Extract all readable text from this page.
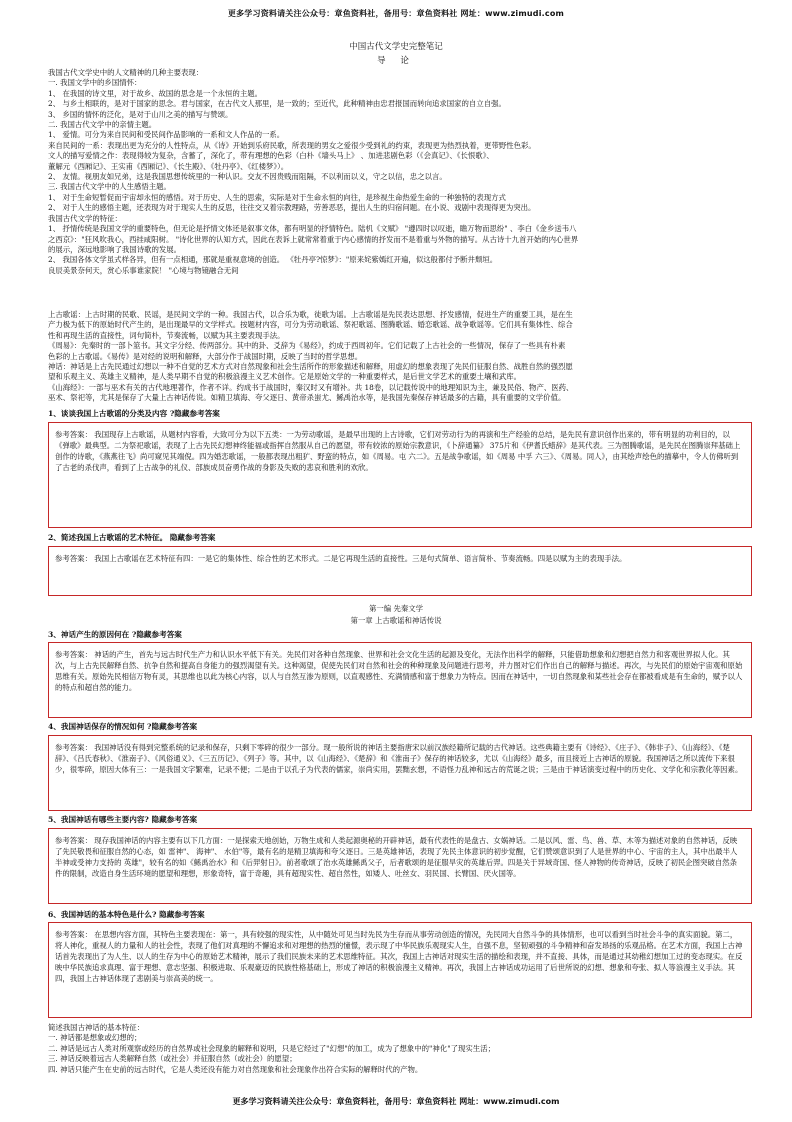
更多学习资料请关注公众号：章鱼资料社，备用号：章鱼资料社 网址：www.zimudi.com
中国古代文学史完整笔记
导 论

我国古代文学史中的人文精神的几种主要表现：

一. 我国文学中的乡国情怀：

1、 在我国的诗文里，对于故乡、故国的思念是一个永恒的主题。

2、 与乡土相联的，是对于国家的思念。君与国家，在古代文人那里，是一致的；至近代，此种精神由忠君报国而转向追求国家的自立自强。

3、 乡国的情怀的泛化，是对于山川之美的描写与赞颂。

二. 我国古代文学中的亲情主题。

1、 爱情。可分为来自民间和受民间作品影响的一系和文人作品的一系。

来自民间的一系：表现出更为充分的人性特点，从《诗》开始到乐府民歌，所表现的男女之爱很少受到礼的约束，表现更为热烈执着，更带野性色彩。

文人的描写爱情之作：表现得较为复杂，含蓄了，深化了，带有理想的色彩（白朴《墙头马上》 、加进悲剧色彩（《会真记》、《长恨歌》、

董解元《西厢记》、王实甫《西厢记》、《长生殿》、《牡丹亭》、《红楼梦》）。

2、 友情。视朋友如兄弟，这是我国思想传统里的一种认识。交友不因贵贱而阻隔，不以利而以义，守之以信，忠之以言。

三. 我国古代文学中的人生感悟主题。

1、 对于生命短暂促而宇宙却永恒的感悟。对于历史、人生的思索，实际是对于生命永恒的向往，是珍视生命热爱生命的一种独特的表现方式

2、 对于人生的感悟主题，还表现为对于现实人生的反思，往往交又着宗教理路，劳善恶恶，提出人生的归宿问题。在小说、戏剧中表现得更为突出。

我国古代文学的特征：

1、 抒情传统是我国文学的重要特色，但无论是抒情文体还是叙事文体，都有明显的抒情特色。陆机《文赋》 "遵四时以叹逝，瞻万物而思纷" 、李白《金乡送韦八

之西京》："狂风吹我心，西挂咸阳树。 "诗化世界的认知方式，因此在表诉上就常常着重于内心感情的抒发而不是着重与外物的描写。从古诗十九首开始的内心世界

的展示，深远地影响了我国诗歌的发展。

2、 我国各体文学虽式样各异，但有一点相通，那就是重视意境的创造。 《牡丹亭?惊梦》："原来姹紫嫣红开遍，似这般都付予断井颓垣。

良辰美景奈何天，赏心乐事谁家院！ "心境与物镜融合无间

上古歌谣：上古时期的民歌、民谣，是民间文学的一种。我国古代，以合乐为歌，徒歌为谣。上古歌谣是先民表达思想、抒发感情，促进生产的重要工具，是在生

产力极为低下的原始时代产生的，是出现最早的文学样式。按题材内容，可分为劳动歌谣、祭祀歌谣、图腾歌谣、婚恋歌谣、战争歌谣等。它们具有集体性、综合

性和再现生活的直接性，词句简朴，节奏流畅，以赋为其主要表现手法。

《周易》：先秦时的一部卜筮书。其文字分经、传两部分。其中的卦、爻辞为《易经》，约成于西周初年。它们记载了上古社会的一些情况，保存了一些具有朴素

色彩的上古歌谣。《易传》是对经的说明和解释，大部分作于战国时期，反映了当时的哲学思想。

神话：神话是上古先民通过幻想以一种不自觉的艺术方式对自然现象和社会生活所作的形象描述和解释，用虚幻的想象表现了先民们征服自然、战胜自然的强烈愿

望和乐观主义、英雄主义精神，是人类早期不自觉的积极浪漫主义艺术创作。它是原始文学的一种重要样式，是后世文学艺术的重要土壤和武库。

《山海经》：一部与巫术有关的古代地理著作，作者不详。约成书于战国时，秦汉时又有增补。共 18卷，以记载传说中的地理知识为主，兼及民俗、物产、医药、

巫术、祭祀等，尤其是保存了大量上古神话传说。如精卫填海、夸父逐日、黄帝杀蚩尤、鲧禹治水等，是我国先秦保存神话最多的古籍，具有重要的文学价值。

1、谈谈我国上古歌谣的分类及内容 ?隐藏参考答案

参考答案： 我国现存上古歌谣，从题材内容看，大致可分为以下五类：一为劳动歌谣，是最早出现的上古诗歌，它们对劳动行为的再演和生产经验的总结，是先民有意识创作出来的，带有明显的功利目的，以《弹歌》最典型。二为祭祀歌谣，表现了上古先民幻想神终能福或指挥自然服从自己的愿望，带有较浓的原始宗教意识，《卜辞通纂》 375片和《伊耆氏蜡辞》是其代表。三为图腾歌谣，是先民在图腾崇拜基础上创作的诗歌，《燕燕往飞》尚可窥见其端倪。四为婚恋歌谣，一般都表现出粗犷、野蛮的特点，如《周易。屯 六二》。五是战争歌谣，如《周易 中孚 六三》、《周易。同人》，由其绘声绘色的描摹中，令人仿佛听到了古老的杀伐声，看到了上古战争的礼仪、部族成员奋勇作战的身影及失败的悲哀和胜利的欢欣。

2、简述我国上古歌谣的艺术特征。 隐藏参考答案

参考答案： 我国上古歌谣在艺术特征有四：一是它的集体性、综合性的艺术形式。二是它再现生活的直接性。三是句式简单、语言简朴、节奏流畅。四是以赋为主的表现手法。

第一编 先秦文学
第一章 上古歌谣和神话传说
3、神话产生的原因何在 ?隐藏参考答案

参考答案： 神话的产生，首先与远古时代生产力和认识水平低下有关。先民们对各种自然现象、世界和社会文化生活的起源及变化，无法作出科学的解释，只能借助想象和幻想把自然力和客观世界拟人化。其次，与上古先民解释自然、抗争自然和提高自身能力的强烈渴望有关。这种渴望，促使先民们对自然和社会的种种现象及问题进行思考，并力图对它们作出自己的解释与描述。再次，与先民们的原始宇宙观和原始思维有关。原始先民相信万物有灵，其思维也以此为核心内容，以人与自然互渗为原则，以直观感性、充满情感和富于想象力为特点。因而在神话中，一切自然现象和某些社会存在都被看成是有生命的，赋予以人的特点和超自然的能力。

4、我国神话保存的情况如何 ?隐藏参考答案

参考答案： 我国神话没有得到完整系统的记录和保存，只剩下零碎的很少一部分。现一般所说的神话主要指唐宋以前汉族经籍所记载的古代神话。这些典籍主要有《诗经》、《庄子》、《韩非子》、《山海经》、《楚辞》、《吕氏春秋》、《淮南子》、《风俗通义》、《三五历记》、《列子》等。其中，以《山海经》、《楚辞》和《淮南子》保存的神话较多，尤以《山海经》最多，而且接近上古神话的原貌。我国神话之所以流传下来很少，很零碎，原因大体有三：一是我国文字繁难，记录不便；二是由于以孔子为代表的儒家，崇尚实用，罢黜玄想，不语怪力乱神和远古的荒诞之说；三是由于神话演变过程中的历史化、文学化和宗教化等因素。

5、我国神话有哪些主要内容? 隐藏参考答案

参考答案： 现存我国神话的内容主要有以下几方面：一是探索天地创始，万物生成和人类起源奥秘的开辟神话，最有代表性的是盘古、女娲神话。二是以风、雷、鸟、兽、草、木等为描述对象的自然神话，反映了先民敬畏和征服自然的心态，如 雷神"、 海神"、 水伯"等，最有名的是精卫填海和夸父逐日。三是英雄神话，表现了先民主体意识的初步觉醒，它们赞颂意识到了人是世界的中心、宇宙的主人，其中出最半人半神或受神力支持的 英雄"，较有名的如《鲧禹治水》和《后羿射日》。前者歌颂了治水英雄鲧禹父子，后者歌颂的是征服旱灾的英雄后羿。四是关于异域奇国、怪人神物的传奇神话，反映了初民企图突破自然条件的限制，改造自身生活环境的愿望和理想，形象奇特，富于奇趣，具有超现实性、超自然性，如矮人、吐丝女、羽民国、长臂国、厌火国等。

6、我国神话的基本特色是什么? 隐藏参考答案

参考答案： 在思想内容方面，其特色主要表现在：第一，具有较强的现实性，从中随处可见当时先民为生存而从事劳动创造的情况，先民同大自然斗争的具体情形，也可以看到当时社会斗争的真实面貌。第二，将人神化，重视人的力量和人的社会性，表现了他们对真理的不懈追求和对理想的热烈的憧憬，表示现了中华民族乐观现实人生，自强不息，坚韧顽强的斗争精神和奋发昂扬的乐观品格。在艺术方面，我国上古神话首先表现出了为人生、以人的生存为中心的原始艺术精神，展示了我们民族未来的艺术思维特征。其次，我国上古神话对现实生活的描绘和表现，并不直接、具体，而是通过其幼稚幻想加工过的变态现实。在反映中华民族追求真理、富于理想、意志坚强、积极进取、乐观豪迈的民族性格基础上，形成了神话的积极浪漫主义精神。再次，我国上古神话成功运用了后世所说的幻想、想象和夸张、拟人等浪漫主义手法。其四，我国上古神话体现了悲剧美与崇高美的统一。

简述我国古神话的基本特征：

一. 神话都是想象或幻想的；

二. 神话是远古人类对所观察或经历的自然界或社会现象的解释和说明，只是它经过了"幻想"的加工，成为了想象中的"神化"了现实生活；

三. 神话反映着远古人类解释自然（或社会）并征服自然（或社会）的愿望；

四. 神话只能产生在史前的远古时代，它是人类还没有能力对自然现象和社会现象作出符合实际的解释时代的产物。

更多学习资料请关注公众号：章鱼资料社，备用号：章鱼资料社 网址：www.zimudi.com
